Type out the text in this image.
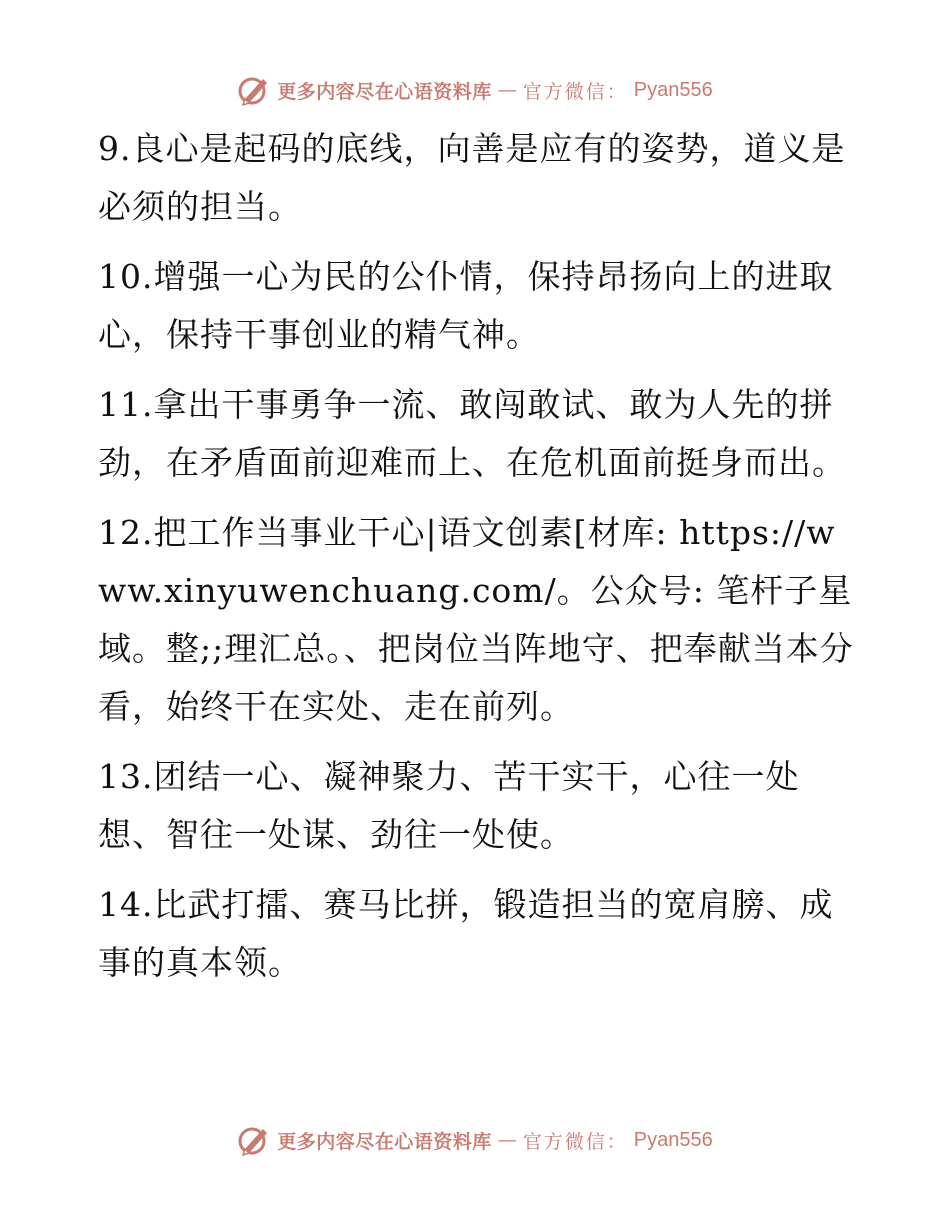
更多内容尽在心语资料库 — 官方微信： Pyan556

9.良心是起码的底线，向善是应有的姿势，道义是必须的担当。

10.增强一心为民的公仆情，保持昂扬向上的进取心，保持干事创业的精气神。

11.拿出干事勇争一流、敢闯敢试、敢为人先的拼劲，在矛盾面前迎难而上、在危机面前挺身而出。

12.把工作当事业干心|语文创素[材库: https://www.xinyuwenchuang.com/。公众号: 笔杆子星域。整;;理汇总。、把岗位当阵地守、把奉献当本分看，始终干在实处、走在前列。

13.团结一心、凝神聚力、苦干实干，心往一处想、智往一处谋、劲往一处使。

14.比武打擂、赛马比拼，锻造担当的宽肩膀、成事的真本领。

更多内容尽在心语资料库 — 官方微信： Pyan556
